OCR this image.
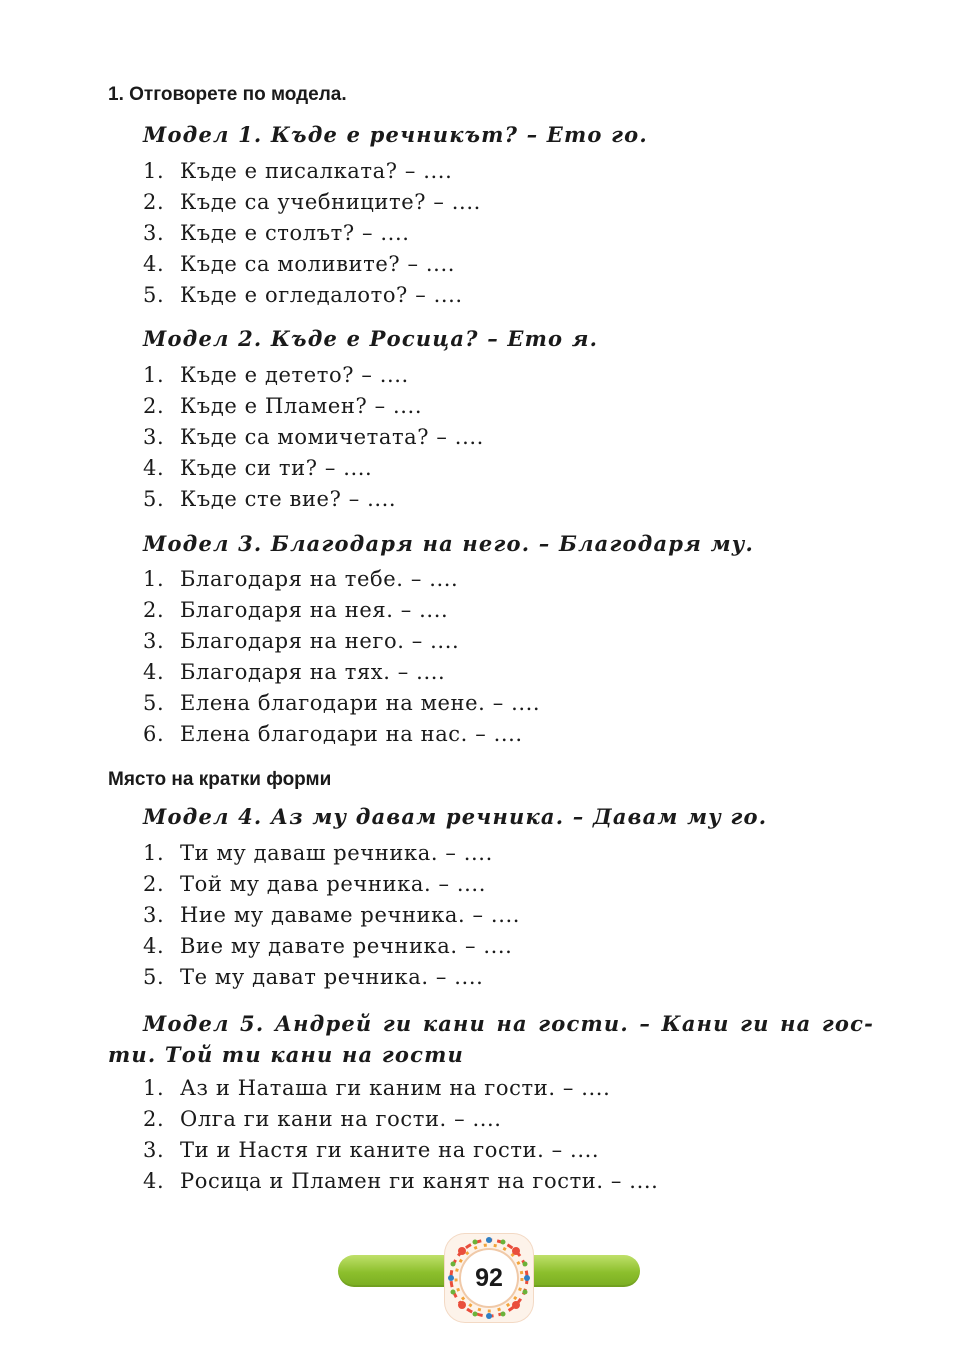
1. Отговорете по модела.
Модел 1. Къде е речникът? – Ето го.
1. Къде е писалката? – ....
2. Къде са учебниците? – ....
3. Къде е столът? – ....
4. Къде са моливите? – ....
5. Къде е огледалото? – ....
Модел 2. Къде е Росица? – Ето я.
1. Къде е детето? – ....
2. Къде е Пламен? – ....
3. Къде са момичетата? – ....
4. Къде си ти? – ....
5. Къде сте вие? – ....
Модел 3. Благодаря на него. – Благодаря му.
1. Благодаря на тебе. – ....
2. Благодаря на нея. – ....
3. Благодаря на него. – ....
4. Благодаря на тях. – ....
5. Елена благодари на мене. – ....
6. Елена благодари на нас. – ....
Място на кратки форми
Модел 4. Аз му давам речника. – Давам му го.
1. Ти му даваш речника. – ....
2. Той му дава речника. – ....
3. Ние му даваме речника. – ....
4. Вие му давате речника. – ....
5. Те му дават речника. – ....
Модел 5. Андрей ги кани на гости. – Кани ги на гос-
ти. Той ти кани на гости
1. Аз и Наташа ги каним на гости. – ....
2. Олга ги кани на гости. – ....
3. Ти и Настя ги каните на гости. – ....
4. Росица и Пламен ги канят на гости. – ....
92
